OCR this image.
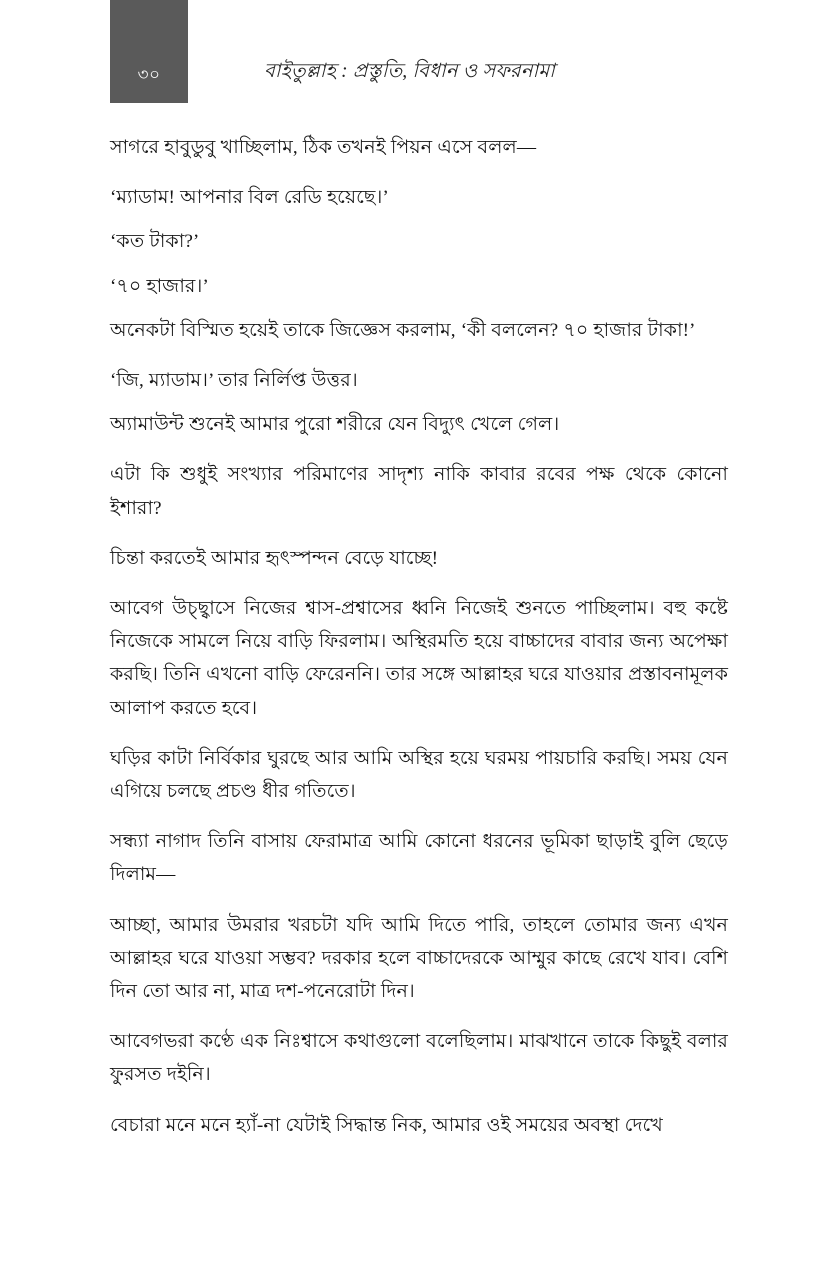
৩০	বাইতুল্লাহ : প্রস্তুতি, বিধান ও সফরনামা

সাগরে হাবুডুবু খাচ্ছিলাম, ঠিক তখনই পিয়ন এসে বলল—

‘ম্যাডাম! আপনার বিল রেডি হয়েছে।’

‘কত টাকা?’

‘৭০ হাজার।’

অনেকটা বিস্মিত হয়েই তাকে জিজ্ঞেস করলাম, ‘কী বললেন? ৭০ হাজার টাকা!’

‘জি, ম্যাডাম।’ তার নির্লিপ্ত উত্তর।

অ্যামাউন্ট শুনেই আমার পুরো শরীরে যেন বিদ্যুৎ খেলে গেল।

এটা কি শুধুই সংখ্যার পরিমাণের সাদৃশ্য নাকি কাবার রবের পক্ষ থেকে কোনো ইশারা?

চিন্তা করতেই আমার হৃৎস্পন্দন বেড়ে যাচ্ছে!

আবেগ উচ্ছ্বাসে নিজের শ্বাস-প্রশ্বাসের ধ্বনি নিজেই শুনতে পাচ্ছিলাম। বহু কষ্টে নিজেকে সামলে নিয়ে বাড়ি ফিরলাম। অস্থিরমতি হয়ে বাচ্চাদের বাবার জন্য অপেক্ষা করছি। তিনি এখনো বাড়ি ফেরেননি। তার সঙ্গে আল্লাহর ঘরে যাওয়ার প্রস্তাবনামূলক আলাপ করতে হবে।

ঘড়ির কাটা নির্বিকার ঘুরছে আর আমি অস্থির হয়ে ঘরময় পায়চারি করছি। সময় যেন এগিয়ে চলছে প্রচণ্ড ধীর গতিতে।

সন্ধ্যা নাগাদ তিনি বাসায় ফেরামাত্র আমি কোনো ধরনের ভূমিকা ছাড়াই বুলি ছেড়ে দিলাম—

আচ্ছা, আমার উমরার খরচটা যদি আমি দিতে পারি, তাহলে তোমার জন্য এখন আল্লাহর ঘরে যাওয়া সম্ভব? দরকার হলে বাচ্চাদেরকে আম্মুর কাছে রেখে যাব। বেশি দিন তো আর না, মাত্র দশ-পনেরোটা দিন।

আবেগভরা কণ্ঠে এক নিঃশ্বাসে কথাগুলো বলেছিলাম। মাঝখানে তাকে কিছুই বলার ফুরসত দইনি।

বেচারা মনে মনে হ্যাঁ-না যেটাই সিদ্ধান্ত নিক, আমার ওই সময়ের অবস্থা দেখে
